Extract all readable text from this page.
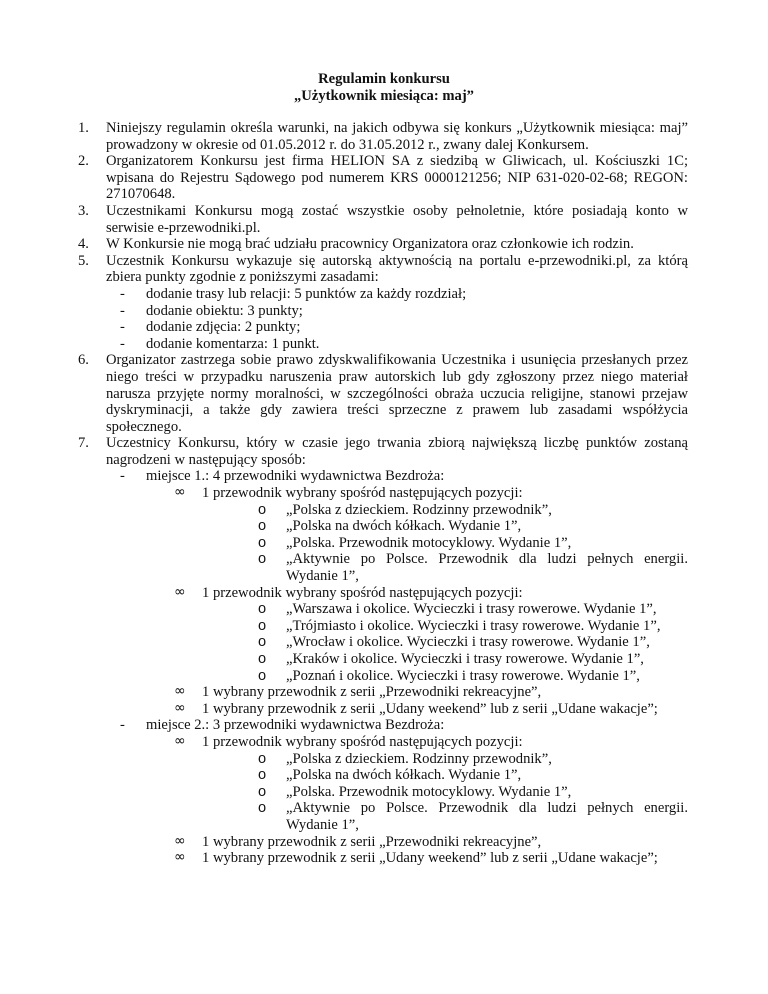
Regulamin konkursu
„Użytkownik miesiąca: maj”
1. Niniejszy regulamin określa warunki, na jakich odbywa się konkurs „Użytkownik miesiąca: maj” prowadzony w okresie od 01.05.2012 r. do 31.05.2012 r., zwany dalej Konkursem.
2. Organizatorem Konkursu jest firma HELION SA z siedzibą w Gliwicach, ul. Kościuszki 1C; wpisana do Rejestru Sądowego pod numerem KRS 0000121256; NIP 631-020-02-68; REGON: 271070648.
3. Uczestnikami Konkursu mogą zostać wszystkie osoby pełnoletnie, które posiadają konto w serwisie e-przewodniki.pl.
4. W Konkursie nie mogą brać udziału pracownicy Organizatora oraz członkowie ich rodzin.
5. Uczestnik Konkursu wykazuje się autorską aktywnością na portalu e-przewodniki.pl, za którą zbiera punkty zgodnie z poniższymi zasadami:
- dodanie trasy lub relacji: 5 punktów za każdy rozdział;
- dodanie obiektu: 3 punkty;
- dodanie zdjęcia: 2 punkty;
- dodanie komentarza: 1 punkt.
6. Organizator zastrzega sobie prawo zdyskwalifikowania Uczestnika i usunięcia przesłanych przez niego treści w przypadku naruszenia praw autorskich lub gdy zgłoszony przez niego materiał narusza przyjęte normy moralności, w szczególności obraża uczucia religijne, stanowi przejaw dyskryminacji, a także gdy zawiera treści sprzeczne z prawem lub zasadami współżycia społecznego.
7. Uczestnicy Konkursu, który w czasie jego trwania zbiorą największą liczbę punktów zostaną nagrodzeni w następujący sposób:
- miejsce 1.: 4 przewodniki wydawnictwa Bezdroża:
∞ 1 przewodnik wybrany spośród następujących pozycji:
o „Polska z dzieckiem. Rodzinny przewodnik”,
o „Polska na dwóch kółkach. Wydanie 1”,
o „Polska. Przewodnik motocyklowy. Wydanie 1”,
o „Aktywnie po Polsce. Przewodnik dla ludzi pełnych energii. Wydanie 1”,
∞ 1 przewodnik wybrany spośród następujących pozycji:
o „Warszawa i okolice. Wycieczki i trasy rowerowe. Wydanie 1”,
o „Trójmiasto i okolice. Wycieczki i trasy rowerowe. Wydanie 1”,
o „Wrocław i okolice. Wycieczki i trasy rowerowe. Wydanie 1”,
o „Kraków i okolice. Wycieczki i trasy rowerowe. Wydanie 1”,
o „Poznań i okolice. Wycieczki i trasy rowerowe. Wydanie 1”,
∞ 1 wybrany przewodnik z serii „Przewodniki rekreacyjne”,
∞ 1 wybrany przewodnik z serii „Udany weekend” lub z serii „Udane wakacje”;
- miejsce 2.: 3 przewodniki wydawnictwa Bezdroża:
∞ 1 przewodnik wybrany spośród następujących pozycji:
o „Polska z dzieckiem. Rodzinny przewodnik”,
o „Polska na dwóch kółkach. Wydanie 1”,
o „Polska. Przewodnik motocyklowy. Wydanie 1”,
o „Aktywnie po Polsce. Przewodnik dla ludzi pełnych energii. Wydanie 1”,
∞ 1 wybrany przewodnik z serii „Przewodniki rekreacyjne”,
∞ 1 wybrany przewodnik z serii „Udany weekend” lub z serii „Udane wakacje”;
